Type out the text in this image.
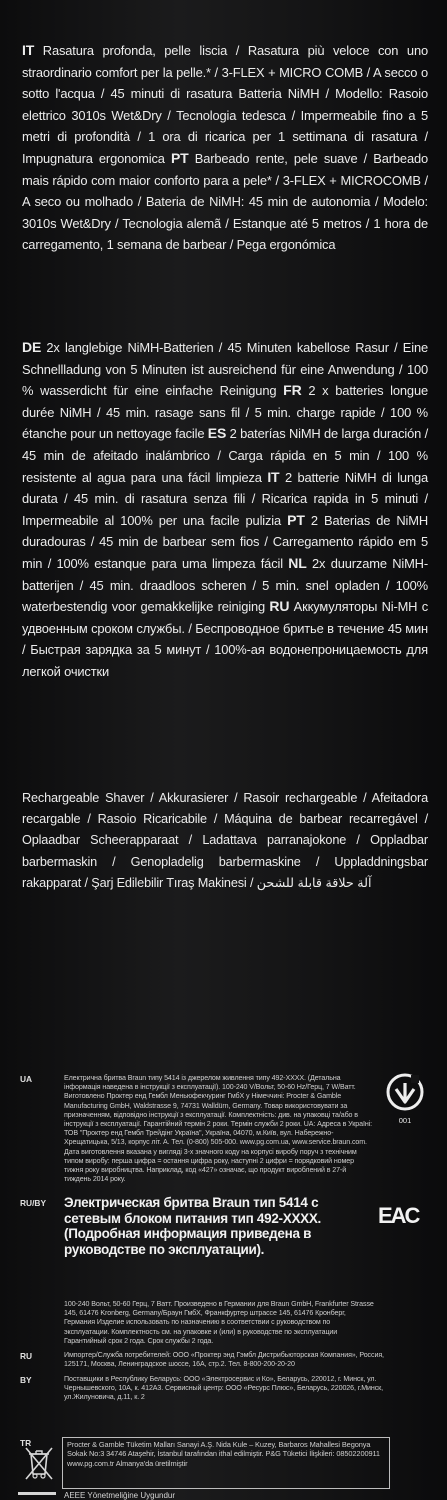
IT Rasatura profonda, pelle liscia / Rasatura più veloce con uno straordinario comfort per la pelle.* / 3-FLEX + MICRO COMB / A secco o sotto l'acqua / 45 minuti di rasatura Batteria NiMH / Modello: Rasoio elettrico 3010s Wet&Dry / Tecnologia tedesca / Impermeabile fino a 5 metri di profondità / 1 ora di ricarica per 1 settimana di rasatura / Impugnatura ergonomica PT Barbeado rente, pele suave / Barbeado mais rápido com maior conforto para a pele* / 3-FLEX + MICROCOMB / A seco ou molhado / Bateria de NiMH: 45 min de autonomia / Modelo: 3010s Wet&Dry / Tecnologia alemã / Estanque até 5 metros / 1 hora de carregamento, 1 semana de barbear / Pega ergonómica
DE 2x langlebige NiMH-Batterien / 45 Minuten kabellose Rasur / Eine Schnellladung von 5 Minuten ist ausreichend für eine Anwendung / 100 % wasserdicht für eine einfache Reinigung FR 2 x batteries longue durée NiMH / 45 min. rasage sans fil / 5 min. charge rapide / 100 % étanche pour un nettoyage facile ES 2 baterías NiMH de larga duración / 45 min de afeitado inalámbrico / Carga rápida en 5 min / 100 % resistente al agua para una fácil limpieza IT 2 batterie NiMH di lunga durata / 45 min. di rasatura senza fili / Ricarica rapida in 5 minuti / Impermeabile al 100% per una facile pulizia PT 2 Baterias de NiMH duradouras / 45 min de barbear sem fios / Carregamento rápido em 5 min / 100% estanque para uma limpeza fácil NL 2x duurzame NiMH-batterijen / 45 min. draadloos scheren / 5 min. snel opladen / 100% waterbestendig voor gemakkelijke reiniging RU Аккумуляторы Ni-MH с удвоенным сроком службы. / Беспроводное бритье в течение 45 мин / Быстрая зарядка за 5 минут / 100%-ая водонепроницаемость для легкой очистки
Rechargeable Shaver / Akkurasierer / Rasoir rechargeable / Afeitadora recargable / Rasoio Ricaricabile / Máquina de barbear recarregável / Oplaadbar Scheerapparaat / Ladattava parranajokone / Oppladbar barbermaskin / Genopladelig barbermaskine / Uppladdningsbar rakapparat / Şarj Edilebilir Tıraş Makinesi / آلة حلاقة قابلة للشحن
UA	Електрична бритва Braun типу 5414 із джерелом живлення типу 492-XXXX. (Детальна інформація наведена в інструкції з експлуатації). 100-240 V/Вольт, 50-60 Hz/Герц, 7 W/Ватт. Виготовлено Проктер енд Гембл Меньюфекчуринг ГмбХ у Німеччині: Procter & Gamble Manufacturing GmbH, Waldstrasse 9, 74731 Walldürn, Germany. Товар використовувати за призначенням, відповідно інструкції з експлуатації. Комплектність: див. на упаковці та/або в інструкції з експлуатації. Гарантійний термін 2 роки. Термін служби 2 роки. UA: Адреса в Україні: ТОВ "Проктер енд Гембл Трейдінг Україна", Україна, 04070, м.Київ, вул. Набережно-Хрещатицька, 5/13, корпус літ. А. Тел. (0-800) 505-000. www.pg.com.ua, www.service.braun.com. Дата виготовлення вказана у вигляді 3-х значного коду на корпусі виробу поруч з технічним типом виробу: перша цифра = остання цифра року, наступні 2 цифри = порядковий номер тижня року виробництва. Наприклад, код «427» означає, що продукт вироблений в 27-й тиждень 2014 року.
001
RU/BY Электрическая бритва Braun тип 5414 с сетевым блоком питания тип 492-XXXX. (Подробная информация приведена в руководстве по эксплуатации).
EAC
100-240 Вольт, 50-60 Герц, 7 Ватт. Произведено в Германии для Braun GmbH, Frankfurter Strasse 145, 61476 Kronberg, Germany/Браун ГмбХ, Франкфуртер штрассе 145, 61476 Кронберг, Германия Изделие использовать по назначению в соответствии с руководством по эксплуатации. Комплектность см. на упаковке и (или) в руководстве по эксплуатации Гарантийный срок 2 года. Срок службы 2 года.
RU	Импортер/Служба потребителей: ООО «Проктер энд Гэмбл Дистрибьюторская Компания», Россия, 125171, Москва, Ленинградское шоссе, 16А, стр.2. Тел. 8-800-200-20-20
BY	Поставщики в Республику Беларусь: ООО «Электросервис и Ко», Беларусь, 220012, г. Минск, ул. Чернышевского, 10А, к. 412А3. Сервисный центр: ООО «Ресурс Плюс», Беларусь, 220026, г.Минск, ул.Жилуновича, д.11, к. 2
TR	Procter & Gamble Tüketim Malları Sanayi A.Ş. Nida Kule – Kuzey, Barbaros Mahallesi Begonya Sokak No:3 34746 Ataşehir, İstanbul tarafından ithal edilmiştir. P&G Tüketici İlişkileri: 08502200911 www.pg.com.tr Almanya'da üretilmiştir
AEEE Yönetmeliğine Uygundur
